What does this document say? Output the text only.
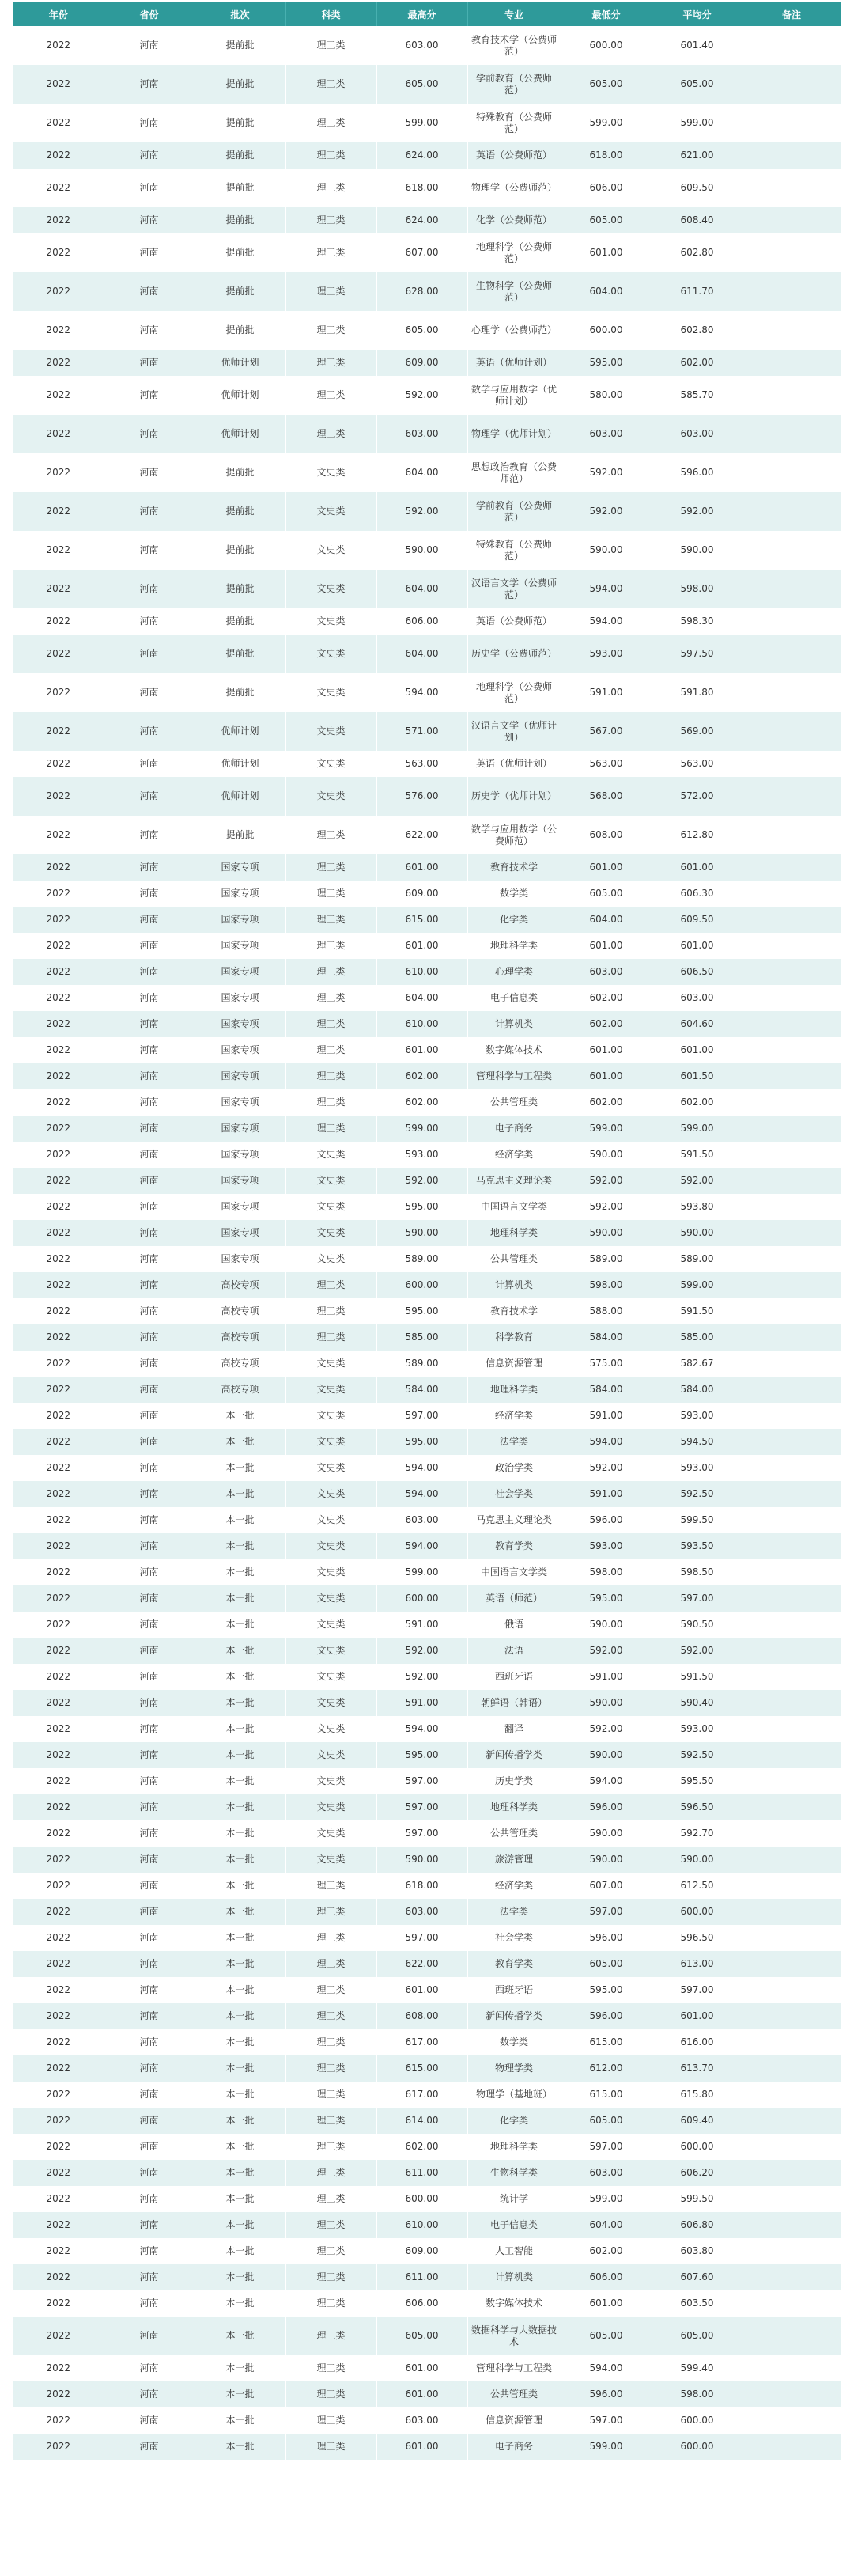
年份	省份	批次	科类	最高分	专业	最低分	平均分	备注
2022	河南	提前批	理工类	603.00	教育技术学（公费师范）	600.00	601.40	
2022	河南	提前批	理工类	605.00	学前教育（公费师范）	605.00	605.00	
2022	河南	提前批	理工类	599.00	特殊教育（公费师范）	599.00	599.00	
2022	河南	提前批	理工类	624.00	英语（公费师范）	618.00	621.00	
2022	河南	提前批	理工类	618.00	物理学（公费师范）	606.00	609.50	
2022	河南	提前批	理工类	624.00	化学（公费师范）	605.00	608.40	
2022	河南	提前批	理工类	607.00	地理科学（公费师范）	601.00	602.80	
2022	河南	提前批	理工类	628.00	生物科学（公费师范）	604.00	611.70	
2022	河南	提前批	理工类	605.00	心理学（公费师范）	600.00	602.80	
2022	河南	优师计划	理工类	609.00	英语（优师计划）	595.00	602.00	
2022	河南	优师计划	理工类	592.00	数学与应用数学（优师计划）	580.00	585.70	
2022	河南	优师计划	理工类	603.00	物理学（优师计划）	603.00	603.00	
2022	河南	提前批	文史类	604.00	思想政治教育（公费师范）	592.00	596.00	
2022	河南	提前批	文史类	592.00	学前教育（公费师范）	592.00	592.00	
2022	河南	提前批	文史类	590.00	特殊教育（公费师范）	590.00	590.00	
2022	河南	提前批	文史类	604.00	汉语言文学（公费师范）	594.00	598.00	
2022	河南	提前批	文史类	606.00	英语（公费师范）	594.00	598.30	
2022	河南	提前批	文史类	604.00	历史学（公费师范）	593.00	597.50	
2022	河南	提前批	文史类	594.00	地理科学（公费师范）	591.00	591.80	
2022	河南	优师计划	文史类	571.00	汉语言文学（优师计划）	567.00	569.00	
2022	河南	优师计划	文史类	563.00	英语（优师计划）	563.00	563.00	
2022	河南	优师计划	文史类	576.00	历史学（优师计划）	568.00	572.00	
2022	河南	提前批	理工类	622.00	数学与应用数学（公费师范）	608.00	612.80	
2022	河南	国家专项	理工类	601.00	教育技术学	601.00	601.00	
2022	河南	国家专项	理工类	609.00	数学类	605.00	606.30	
2022	河南	国家专项	理工类	615.00	化学类	604.00	609.50	
2022	河南	国家专项	理工类	601.00	地理科学类	601.00	601.00	
2022	河南	国家专项	理工类	610.00	心理学类	603.00	606.50	
2022	河南	国家专项	理工类	604.00	电子信息类	602.00	603.00	
2022	河南	国家专项	理工类	610.00	计算机类	602.00	604.60	
2022	河南	国家专项	理工类	601.00	数字媒体技术	601.00	601.00	
2022	河南	国家专项	理工类	602.00	管理科学与工程类	601.00	601.50	
2022	河南	国家专项	理工类	602.00	公共管理类	602.00	602.00	
2022	河南	国家专项	理工类	599.00	电子商务	599.00	599.00	
2022	河南	国家专项	文史类	593.00	经济学类	590.00	591.50	
2022	河南	国家专项	文史类	592.00	马克思主义理论类	592.00	592.00	
2022	河南	国家专项	文史类	595.00	中国语言文学类	592.00	593.80	
2022	河南	国家专项	文史类	590.00	地理科学类	590.00	590.00	
2022	河南	国家专项	文史类	589.00	公共管理类	589.00	589.00	
2022	河南	高校专项	理工类	600.00	计算机类	598.00	599.00	
2022	河南	高校专项	理工类	595.00	教育技术学	588.00	591.50	
2022	河南	高校专项	理工类	585.00	科学教育	584.00	585.00	
2022	河南	高校专项	文史类	589.00	信息资源管理	575.00	582.67	
2022	河南	高校专项	文史类	584.00	地理科学类	584.00	584.00	
2022	河南	本一批	文史类	597.00	经济学类	591.00	593.00	
2022	河南	本一批	文史类	595.00	法学类	594.00	594.50	
2022	河南	本一批	文史类	594.00	政治学类	592.00	593.00	
2022	河南	本一批	文史类	594.00	社会学类	591.00	592.50	
2022	河南	本一批	文史类	603.00	马克思主义理论类	596.00	599.50	
2022	河南	本一批	文史类	594.00	教育学类	593.00	593.50	
2022	河南	本一批	文史类	599.00	中国语言文学类	598.00	598.50	
2022	河南	本一批	文史类	600.00	英语（师范）	595.00	597.00	
2022	河南	本一批	文史类	591.00	俄语	590.00	590.50	
2022	河南	本一批	文史类	592.00	法语	592.00	592.00	
2022	河南	本一批	文史类	592.00	西班牙语	591.00	591.50	
2022	河南	本一批	文史类	591.00	朝鲜语（韩语）	590.00	590.40	
2022	河南	本一批	文史类	594.00	翻译	592.00	593.00	
2022	河南	本一批	文史类	595.00	新闻传播学类	590.00	592.50	
2022	河南	本一批	文史类	597.00	历史学类	594.00	595.50	
2022	河南	本一批	文史类	597.00	地理科学类	596.00	596.50	
2022	河南	本一批	文史类	597.00	公共管理类	590.00	592.70	
2022	河南	本一批	文史类	590.00	旅游管理	590.00	590.00	
2022	河南	本一批	理工类	618.00	经济学类	607.00	612.50	
2022	河南	本一批	理工类	603.00	法学类	597.00	600.00	
2022	河南	本一批	理工类	597.00	社会学类	596.00	596.50	
2022	河南	本一批	理工类	622.00	教育学类	605.00	613.00	
2022	河南	本一批	理工类	601.00	西班牙语	595.00	597.00	
2022	河南	本一批	理工类	608.00	新闻传播学类	596.00	601.00	
2022	河南	本一批	理工类	617.00	数学类	615.00	616.00	
2022	河南	本一批	理工类	615.00	物理学类	612.00	613.70	
2022	河南	本一批	理工类	617.00	物理学（基地班）	615.00	615.80	
2022	河南	本一批	理工类	614.00	化学类	605.00	609.40	
2022	河南	本一批	理工类	602.00	地理科学类	597.00	600.00	
2022	河南	本一批	理工类	611.00	生物科学类	603.00	606.20	
2022	河南	本一批	理工类	600.00	统计学	599.00	599.50	
2022	河南	本一批	理工类	610.00	电子信息类	604.00	606.80	
2022	河南	本一批	理工类	609.00	人工智能	602.00	603.80	
2022	河南	本一批	理工类	611.00	计算机类	606.00	607.60	
2022	河南	本一批	理工类	606.00	数字媒体技术	601.00	603.50	
2022	河南	本一批	理工类	605.00	数据科学与大数据技术	605.00	605.00	
2022	河南	本一批	理工类	601.00	管理科学与工程类	594.00	599.40	
2022	河南	本一批	理工类	601.00	公共管理类	596.00	598.00	
2022	河南	本一批	理工类	603.00	信息资源管理	597.00	600.00	
2022	河南	本一批	理工类	601.00	电子商务	599.00	600.00	
